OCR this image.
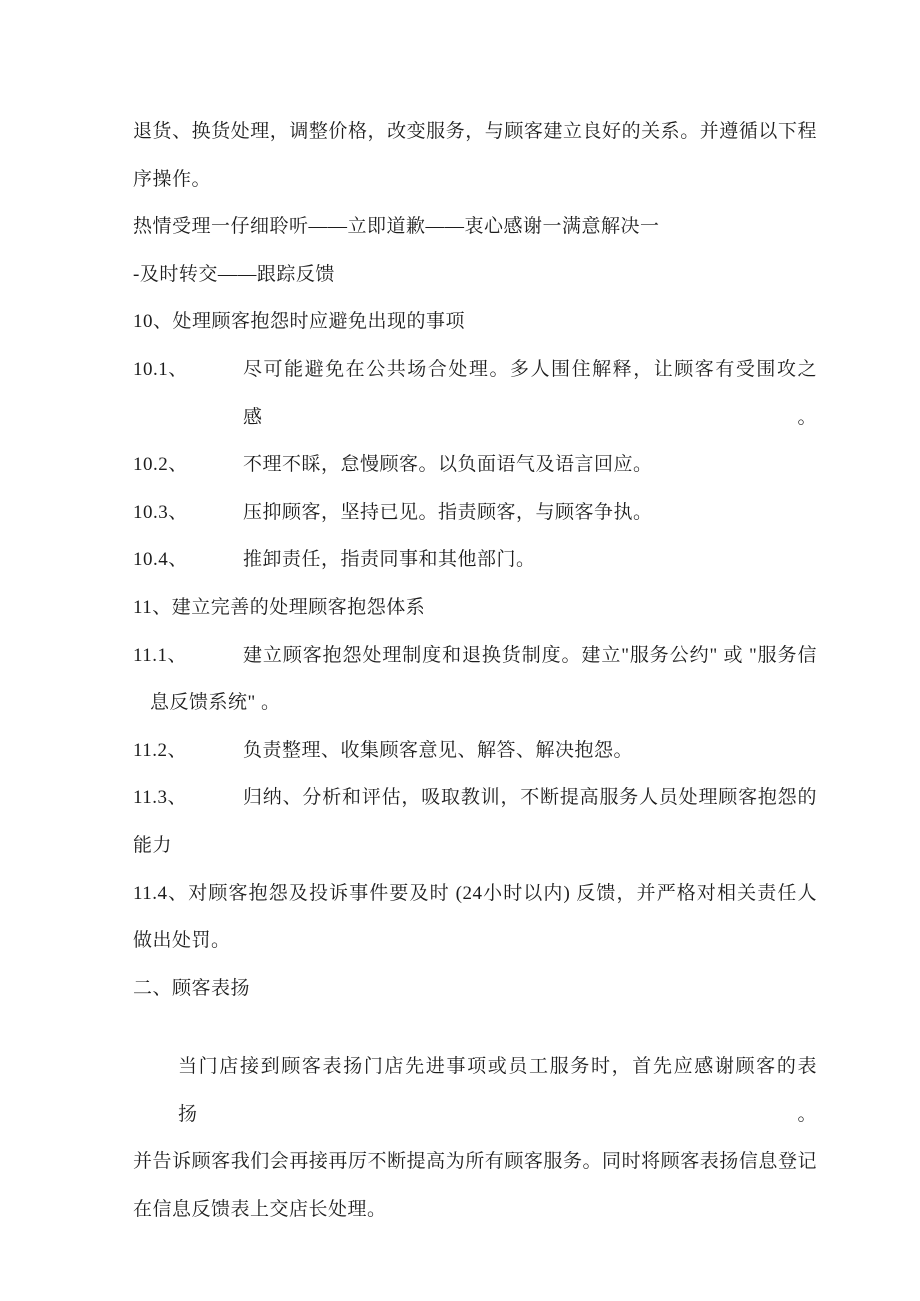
退货、换货处理，调整价格，改变服务，与顾客建立良好的关系。并遵循以下程
序操作。
热情受理一仔细聆听——立即道歉——衷心感谢一满意解决一
-及时转交——跟踪反馈
10、处理顾客抱怨时应避免出现的事项
10.1、	尽可能避免在公共场合处理。多人围住解释，让顾客有受围攻之感。
10.2、	不理不睬，怠慢顾客。以负面语气及语言回应。
10.3、	压抑顾客，坚持已见。指责顾客，与顾客争执。
10.4、	推卸责任，指责同事和其他部门。
11、建立完善的处理顾客抱怨体系
11.1、	建立顾客抱怨处理制度和退换货制度。建立"服务公约" 或 "服务信
息反馈系统" 。
11.2、	负责整理、收集顾客意见、解答、解决抱怨。
11.3、	归纳、分析和评估，吸取教训，不断提高服务人员处理顾客抱怨的
能力
11.4、对顾客抱怨及投诉事件要及时 (24小时以内) 反馈，并严格对相关责任人
做出处罚。
二、顾客表扬
当门店接到顾客表扬门店先进事项或员工服务时，首先应感谢顾客的表扬。
并告诉顾客我们会再接再厉不断提高为所有顾客服务。同时将顾客表扬信息登记
在信息反馈表上交店长处理。
